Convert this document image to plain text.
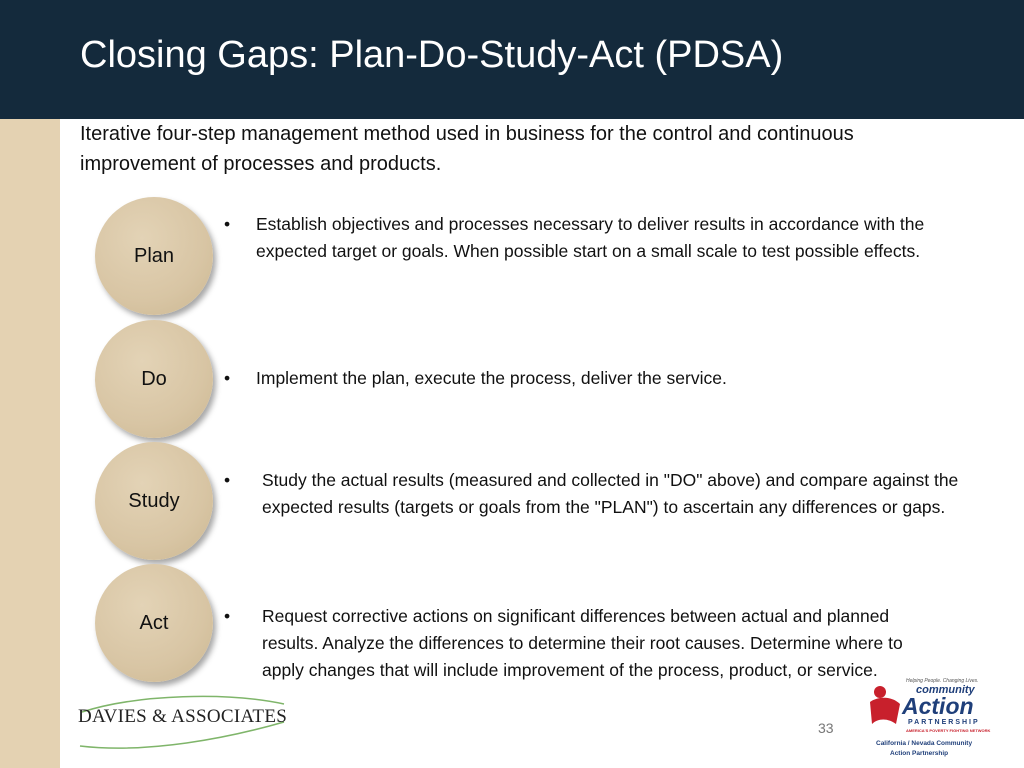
Closing Gaps: Plan-Do-Study-Act (PDSA)
Iterative four-step management method used in business for the control and continuous improvement of processes and products.
Plan
Do
Study
Act
• Establish objectives and processes necessary to deliver results in accordance with the expected target or goals. When possible start on a small scale to test possible effects.
• Implement the plan, execute the process, deliver the service.
• Study the actual results (measured and collected in "DO" above) and compare against the expected results (targets or goals from the "PLAN") to ascertain any differences or gaps.
• Request corrective actions on significant differences between actual and planned results. Analyze the differences to determine their root causes. Determine where to apply changes that will include improvement of the process, product, or service.
DAVIES & ASSOCIATES
33
Helping People. Changing Lives.
community
Action
PARTNERSHIP
AMERICA'S POVERTY FIGHTING NETWORK
California / Nevada Community
Action Partnership
